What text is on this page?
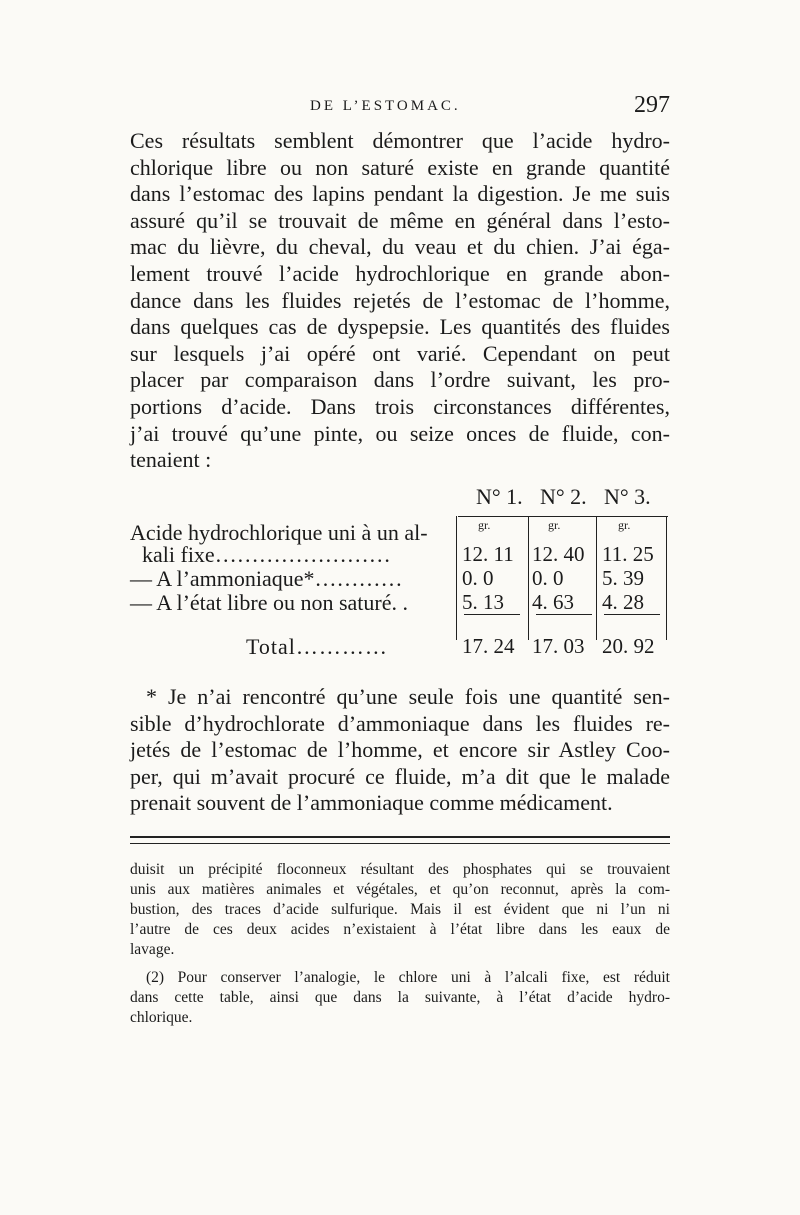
DE L’ESTOMAC.	297

Ces résultats semblent démontrer que l’acide hydro-
chlorique libre ou non saturé existe en grande quantité
dans l’estomac des lapins pendant la digestion. Je me suis
assuré qu’il se trouvait de même en général dans l’esto-
mac du lièvre, du cheval, du veau et du chien. J’ai éga-
lement trouvé l’acide hydrochlorique en grande abon-
dance dans les fluides rejetés de l’estomac de l’homme,
dans quelques cas de dyspepsie. Les quantités des fluides
sur lesquels j’ai opéré ont varié. Cependant on peut
placer par comparaison dans l’ordre suivant, les pro-
portions d’acide. Dans trois circonstances différentes,
j’ai trouvé qu’une pinte, ou seize onces de fluide, con-
tenaient :

N° 1. N° 2. N° 3.
gr.	gr.	gr.
Acide hydrochlorique uni à un al-
kali fixe……………………	12. 11 12. 40 11. 25
— A l’ammoniaque*…………	0. 0 0. 0 5. 39
— A l’état libre ou non saturé. .	5. 13 4. 63 4. 28
Total…………	17. 24 17. 03 20. 92
* Je n’ai rencontré qu’une seule fois une quantité sen-
sible d’hydrochlorate d’ammoniaque dans les fluides re-
jetés de l’estomac de l’homme, et encore sir Astley Coo-
per, qui m’avait procuré ce fluide, m’a dit que le malade
prenait souvent de l’ammoniaque comme médicament.
duisit un précipité floconneux résultant des phosphates qui se trouvaient
unis aux matières animales et végétales, et qu’on reconnut, après la com-
bustion, des traces d’acide sulfurique. Mais il est évident que ni l’un ni
l’autre de ces deux acides n’existaient à l’état libre dans les eaux de
lavage.
(2) Pour conserver l’analogie, le chlore uni à l’alcali fixe, est réduit
dans cette table, ainsi que dans la suivante, à l’état d’acide hydro-
chlorique.
